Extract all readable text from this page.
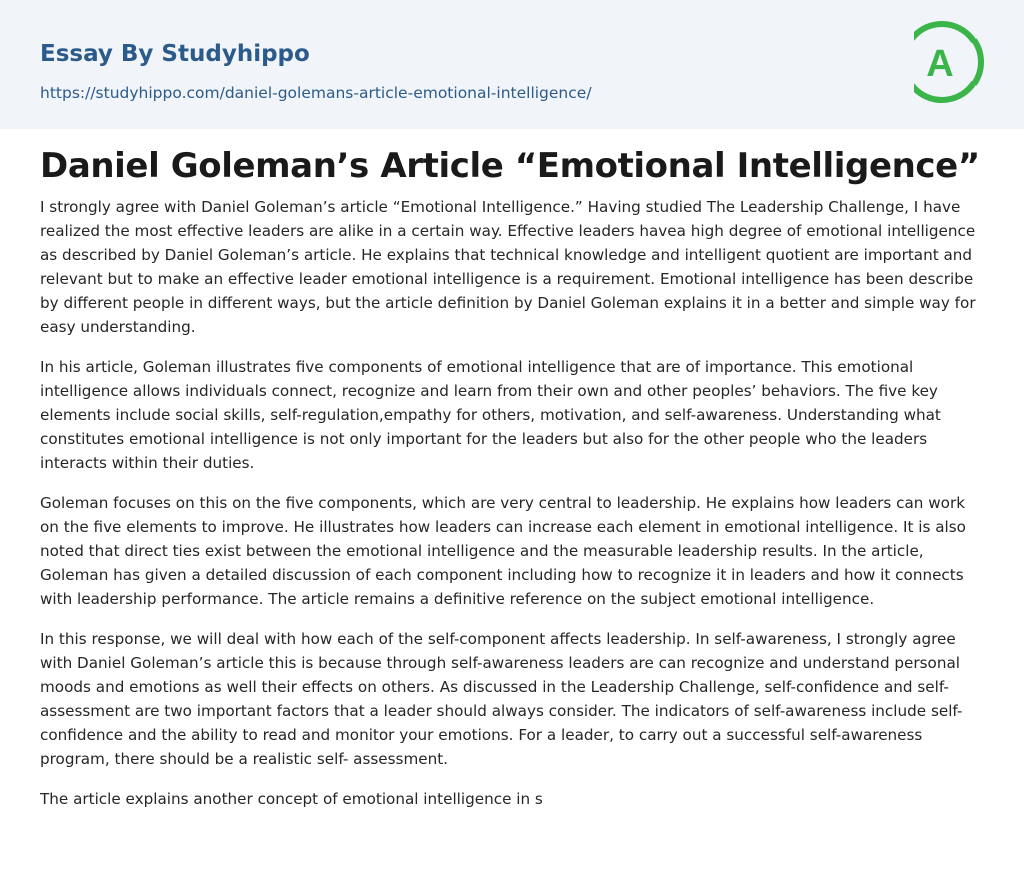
Essay By Studyhippo
https://studyhippo.com/daniel-golemans-article-emotional-intelligence/
A
Daniel Goleman’s Article “Emotional Intelligence”

I strongly agree with Daniel Goleman’s article “Emotional Intelligence.” Having studied The Leadership Challenge, I have realized the most effective leaders are alike in a certain way. Effective leaders havea high degree of emotional intelligence as described by Daniel Goleman’s article. He explains that technical knowledge and intelligent quotient are important and relevant but to make an effective leader emotional intelligence is a requirement. Emotional intelligence has been describe by different people in different ways, but the article definition by Daniel Goleman explains it in a better and simple way for easy understanding.

In his article, Goleman illustrates five components of emotional intelligence that are of importance. This emotional intelligence allows individuals connect, recognize and learn from their own and other peoples’ behaviors. The five key elements include social skills, self-regulation,empathy for others, motivation, and self-awareness. Understanding what constitutes emotional intelligence is not only important for the leaders but also for the other people who the leaders interacts within their duties.

Goleman focuses on this on the five components, which are very central to leadership. He explains how leaders can work on the five elements to improve. He illustrates how leaders can increase each element in emotional intelligence. It is also noted that direct ties exist between the emotional intelligence and the measurable leadership results. In the article, Goleman has given a detailed discussion of each component including how to recognize it in leaders and how it connects with leadership performance. The article remains a definitive reference on the subject emotional intelligence.

In this response, we will deal with how each of the self-component affects leadership. In self-awareness, I strongly agree with Daniel Goleman’s article this is because through self-awareness leaders are can recognize and understand personal moods and emotions as well their effects on others. As discussed in the Leadership Challenge, self-confidence and self-assessment are two important factors that a leader should always consider. The indicators of self-awareness include self-confidence and the ability to read and monitor your emotions. For a leader, to carry out a successful self-awareness program, there should be a realistic self- assessment.

The article explains another concept of emotional intelligence in s
